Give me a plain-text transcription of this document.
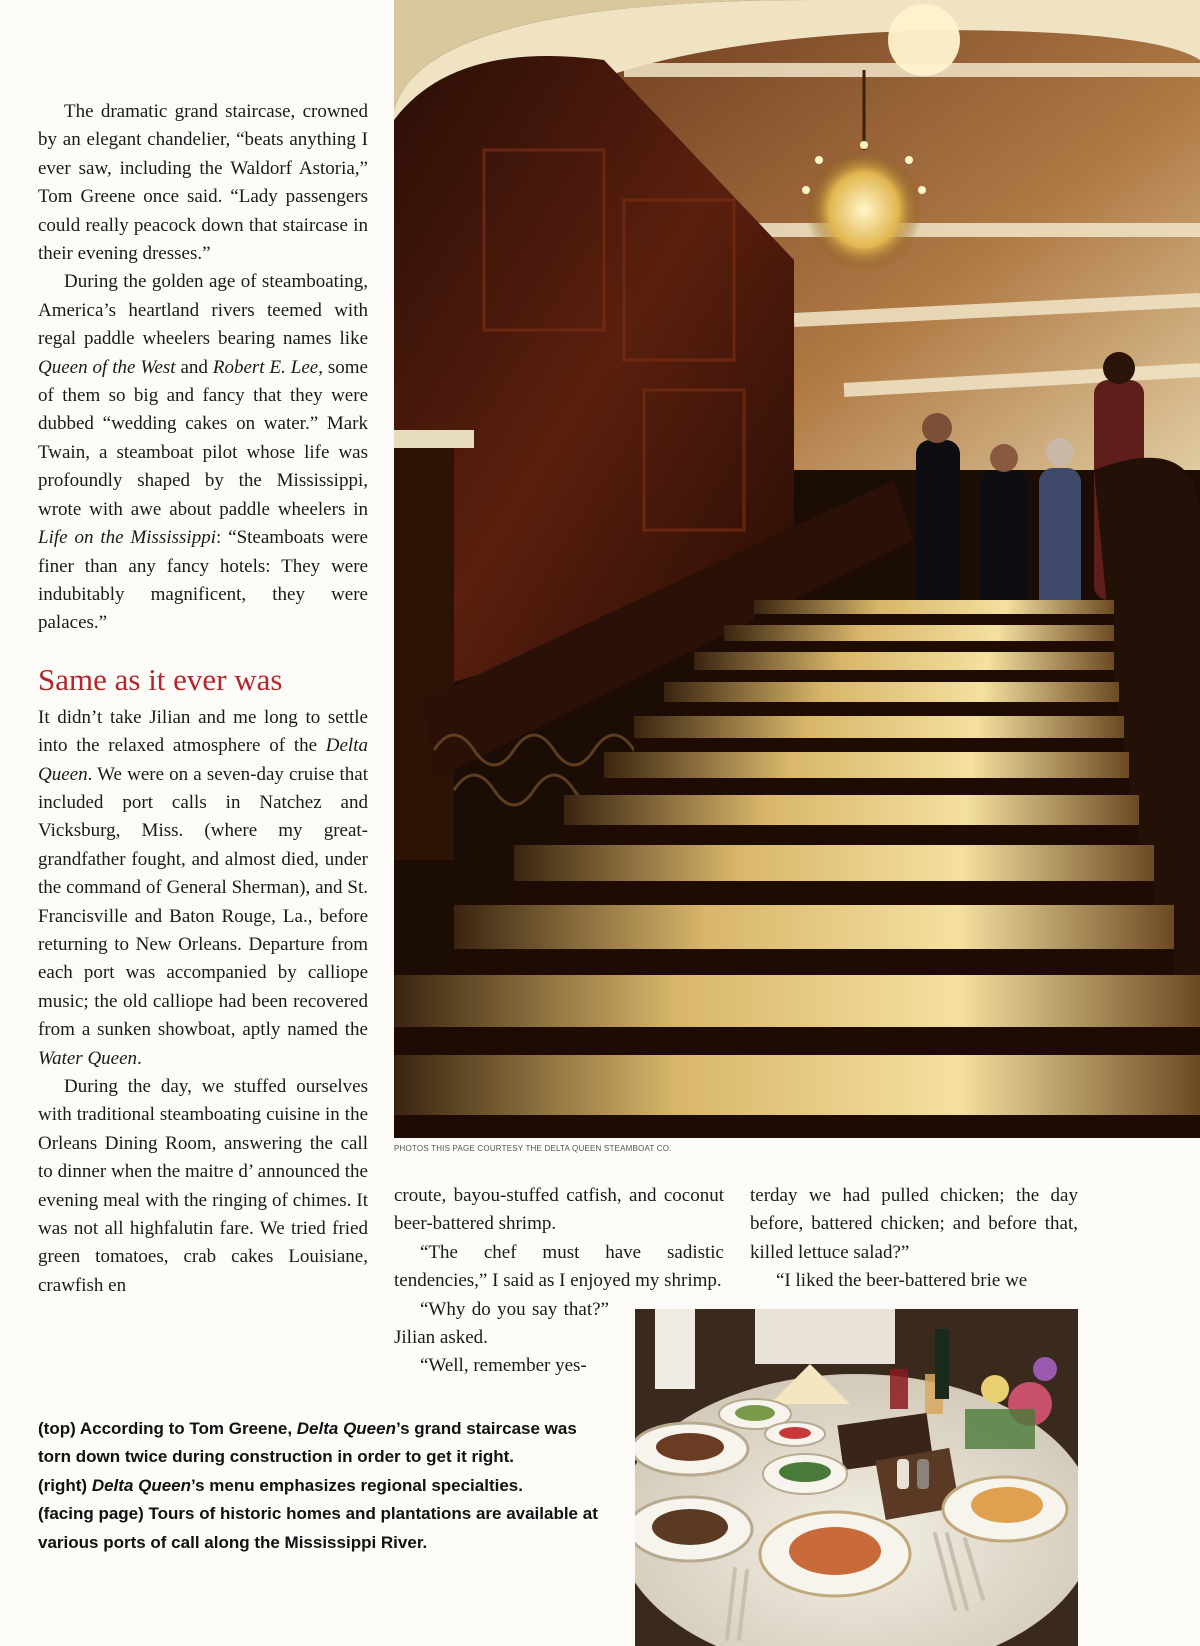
The dramatic grand staircase, crowned by an elegant chandelier, “beats anything I ever saw, including the Waldorf Astoria,” Tom Greene once said. “Lady passengers could really peacock down that staircase in their evening dresses.”

During the golden age of steamboating, America’s heartland rivers teemed with regal paddle wheelers bearing names like Queen of the West and Robert E. Lee, some of them so big and fancy that they were dubbed “wedding cakes on water.” Mark Twain, a steamboat pilot whose life was profoundly shaped by the Mississippi, wrote with awe about paddle wheelers in Life on the Mississippi: “Steamboats were finer than any fancy hotels: They were indubitably magnificent, they were palaces.”

Same as it ever was

It didn’t take Jilian and me long to settle into the relaxed atmosphere of the Delta Queen. We were on a seven-day cruise that included port calls in Natchez and Vicksburg, Miss. (where my great-grandfather fought, and almost died, under the command of General Sherman), and St. Francisville and Baton Rouge, La., before returning to New Orleans. Departure from each port was accompanied by calliope music; the old calliope had been recovered from a sunken showboat, aptly named the Water Queen.

During the day, we stuffed ourselves with traditional steamboating cuisine in the Orleans Dining Room, answering the call to dinner when the maitre d’ announced the evening meal with the ringing of chimes. It was not all highfalutin fare. We tried fried green tomatoes, crab cakes Louisiane, crawfish en

PHOTOS THIS PAGE COURTESY THE DELTA QUEEN STEAMBOAT CO.

croute, bayou-stuffed catfish, and coconut beer-battered shrimp.

“The chef must have sadistic tendencies,” I said as I enjoyed my shrimp.

“Why do you say that?” Jilian asked.

“Well, remember yes-

terday we had pulled chicken; the day before, battered chicken; and before that, killed lettuce salad?”

“I liked the beer-battered brie we

(top) According to Tom Greene, Delta Queen’s grand staircase was torn down twice during construction in order to get it right.

(right) Delta Queen’s menu emphasizes regional specialties.

(facing page) Tours of historic homes and plantations are available at various ports of call along the Mississippi River.
